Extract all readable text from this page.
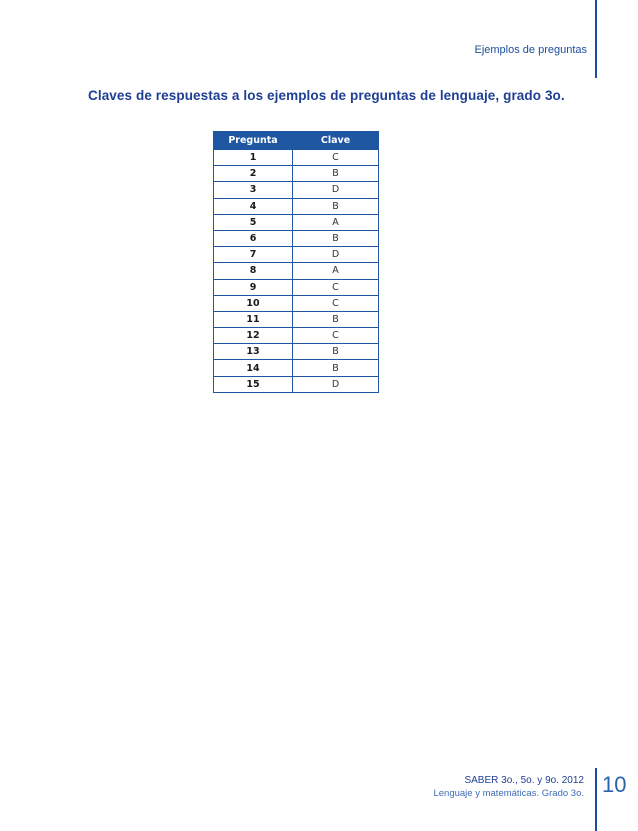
Ejemplos de preguntas
Claves de respuestas a los ejemplos de preguntas de lenguaje, grado 3o.
Pregunta	Clave
1	C
2	B
3	D
4	B
5	A
6	B
7	D
8	A
9	C
10	C
11	B
12	C
13	B
14	B
15	D
SABER 3o., 5o. y 9o. 2012
Lenguaje y matemáticas. Grado 3o. 10
